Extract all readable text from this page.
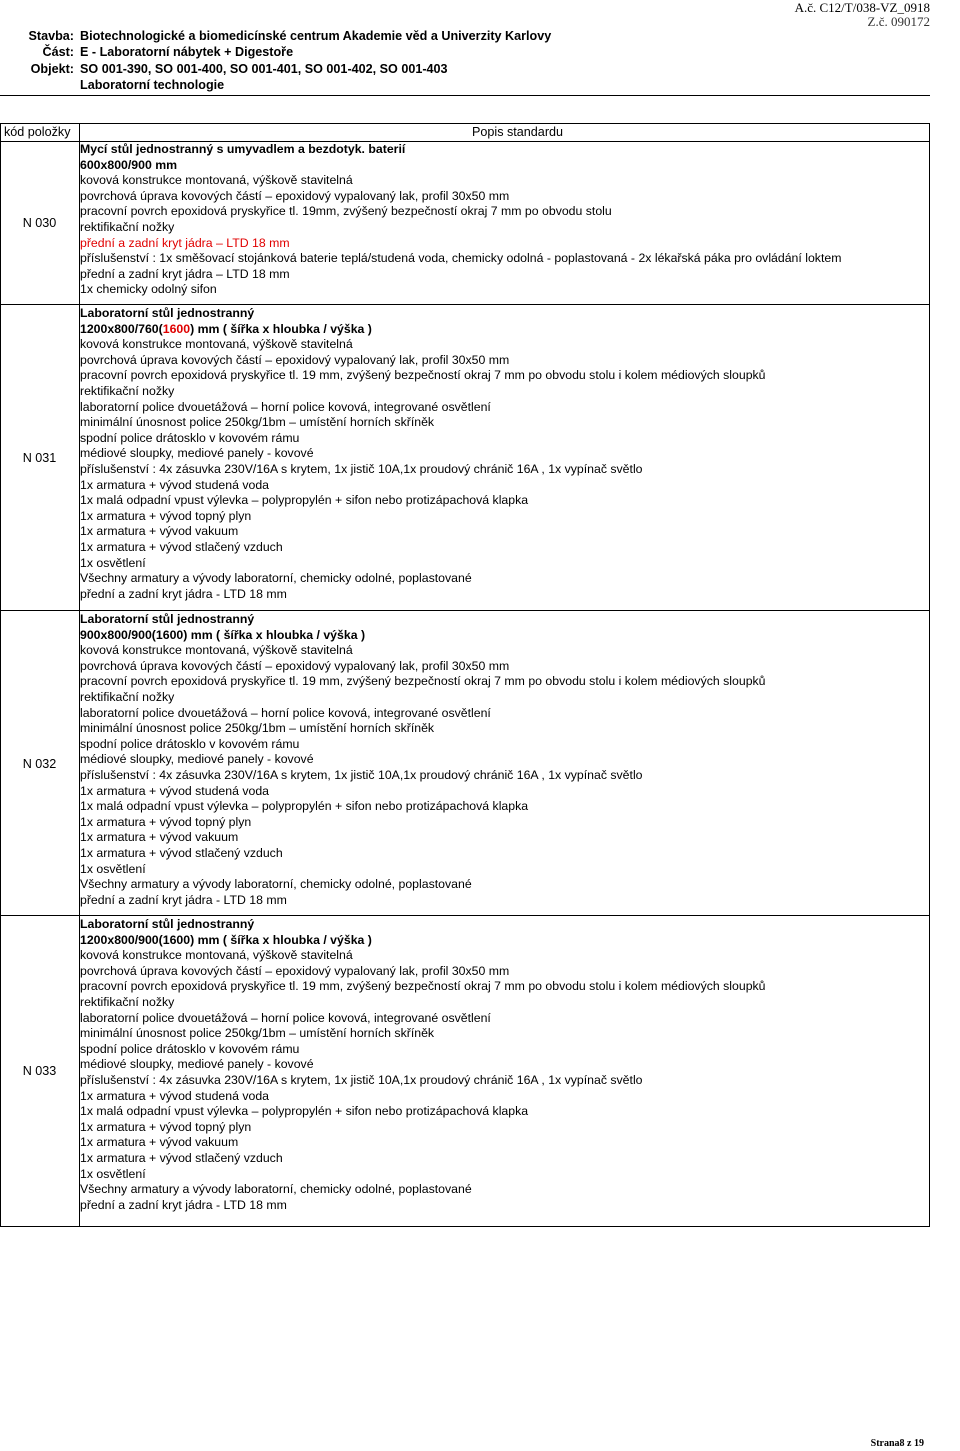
A.č. C12/T/038-VZ_0918
Z.č. 090172
Stavba: Biotechnologické a biomedicínské centrum Akademie věd a Univerzity Karlovy
Část: E - Laboratorní nábytek + Digestoře
Objekt: SO 001-390, SO 001-400, SO 001-401, SO 001-402, SO 001-403
Laboratorní technologie
kód položky	Popis standardu
N 030
Mycí stůl jednostranný s umyvadlem a bezdotyk. baterií
600x800/900 mm
kovová konstrukce montovaná, výškově stavitelná
povrchová úprava kovových částí – epoxidový vypalovaný lak, profil 30x50 mm
pracovní povrch epoxidová pryskyřice tl. 19mm, zvýšený bezpečností okraj 7 mm po obvodu stolu
rektifikační nožky
přední a zadní kryt jádra – LTD 18 mm
příslušenství : 1x směšovací stojánková baterie teplá/studená voda, chemicky odolná - poplastovaná - 2x lékařská páka pro ovládání loktem
přední a zadní kryt jádra – LTD 18 mm
1x chemicky odolný sifon
N 031
Laboratorní stůl jednostranný
1200x800/760(1600) mm ( šířka x hloubka / výška )
kovová konstrukce montovaná, výškově stavitelná
povrchová úprava kovových částí – epoxidový vypalovaný lak, profil 30x50 mm
pracovní povrch epoxidová pryskyřice tl. 19 mm, zvýšený bezpečností okraj 7 mm po obvodu stolu i kolem médiových sloupků
rektifikační nožky
laboratorní police dvouetážová – horní police kovová, integrované osvětlení
minimální únosnost police 250kg/1bm – umístění horních skříněk
spodní police drátosklo v kovovém rámu
médiové sloupky, mediové panely - kovové
příslušenství : 4x zásuvka 230V/16A s krytem, 1x jistič 10A,1x proudový chránič 16A , 1x vypínač světlo
1x armatura + vývod studená voda
1x malá odpadní vpust výlevka – polypropylén + sifon nebo protizápachová klapka
1x armatura + vývod topný plyn
1x armatura + vývod vakuum
1x armatura + vývod stlačený vzduch
1x osvětlení
Všechny armatury a vývody laboratorní, chemicky odolné, poplastované
přední a zadní kryt jádra - LTD 18 mm
N 032
Laboratorní stůl jednostranný
900x800/900(1600) mm ( šířka x hloubka / výška )
kovová konstrukce montovaná, výškově stavitelná
povrchová úprava kovových částí – epoxidový vypalovaný lak, profil 30x50 mm
pracovní povrch epoxidová pryskyřice tl. 19 mm, zvýšený bezpečností okraj 7 mm po obvodu stolu i kolem médiových sloupků
rektifikační nožky
laboratorní police dvouetážová – horní police kovová, integrované osvětlení
minimální únosnost police 250kg/1bm – umístění horních skříněk
spodní police drátosklo v kovovém rámu
médiové sloupky, mediové panely - kovové
příslušenství : 4x zásuvka 230V/16A s krytem, 1x jistič 10A,1x proudový chránič 16A , 1x vypínač světlo
1x armatura + vývod studená voda
1x malá odpadní vpust výlevka – polypropylén + sifon nebo protizápachová klapka
1x armatura + vývod topný plyn
1x armatura + vývod vakuum
1x armatura + vývod stlačený vzduch
1x osvětlení
Všechny armatury a vývody laboratorní, chemicky odolné, poplastované
přední a zadní kryt jádra - LTD 18 mm
N 033
Laboratorní stůl jednostranný
1200x800/900(1600) mm ( šířka x hloubka / výška )
kovová konstrukce montovaná, výškově stavitelná
povrchová úprava kovových částí – epoxidový vypalovaný lak, profil 30x50 mm
pracovní povrch epoxidová pryskyřice tl. 19 mm, zvýšený bezpečností okraj 7 mm po obvodu stolu i kolem médiových sloupků
rektifikační nožky
laboratorní police dvouetážová – horní police kovová, integrované osvětlení
minimální únosnost police 250kg/1bm – umístění horních skříněk
spodní police drátosklo v kovovém rámu
médiové sloupky, mediové panely - kovové
příslušenství : 4x zásuvka 230V/16A s krytem, 1x jistič 10A,1x proudový chránič 16A , 1x vypínač světlo
1x armatura + vývod studená voda
1x malá odpadní vpust výlevka – polypropylén + sifon nebo protizápachová klapka
1x armatura + vývod topný plyn
1x armatura + vývod vakuum
1x armatura + vývod stlačený vzduch
1x osvětlení
Všechny armatury a vývody laboratorní, chemicky odolné, poplastované
přední a zadní kryt jádra - LTD 18 mm
Strana8 z 19
